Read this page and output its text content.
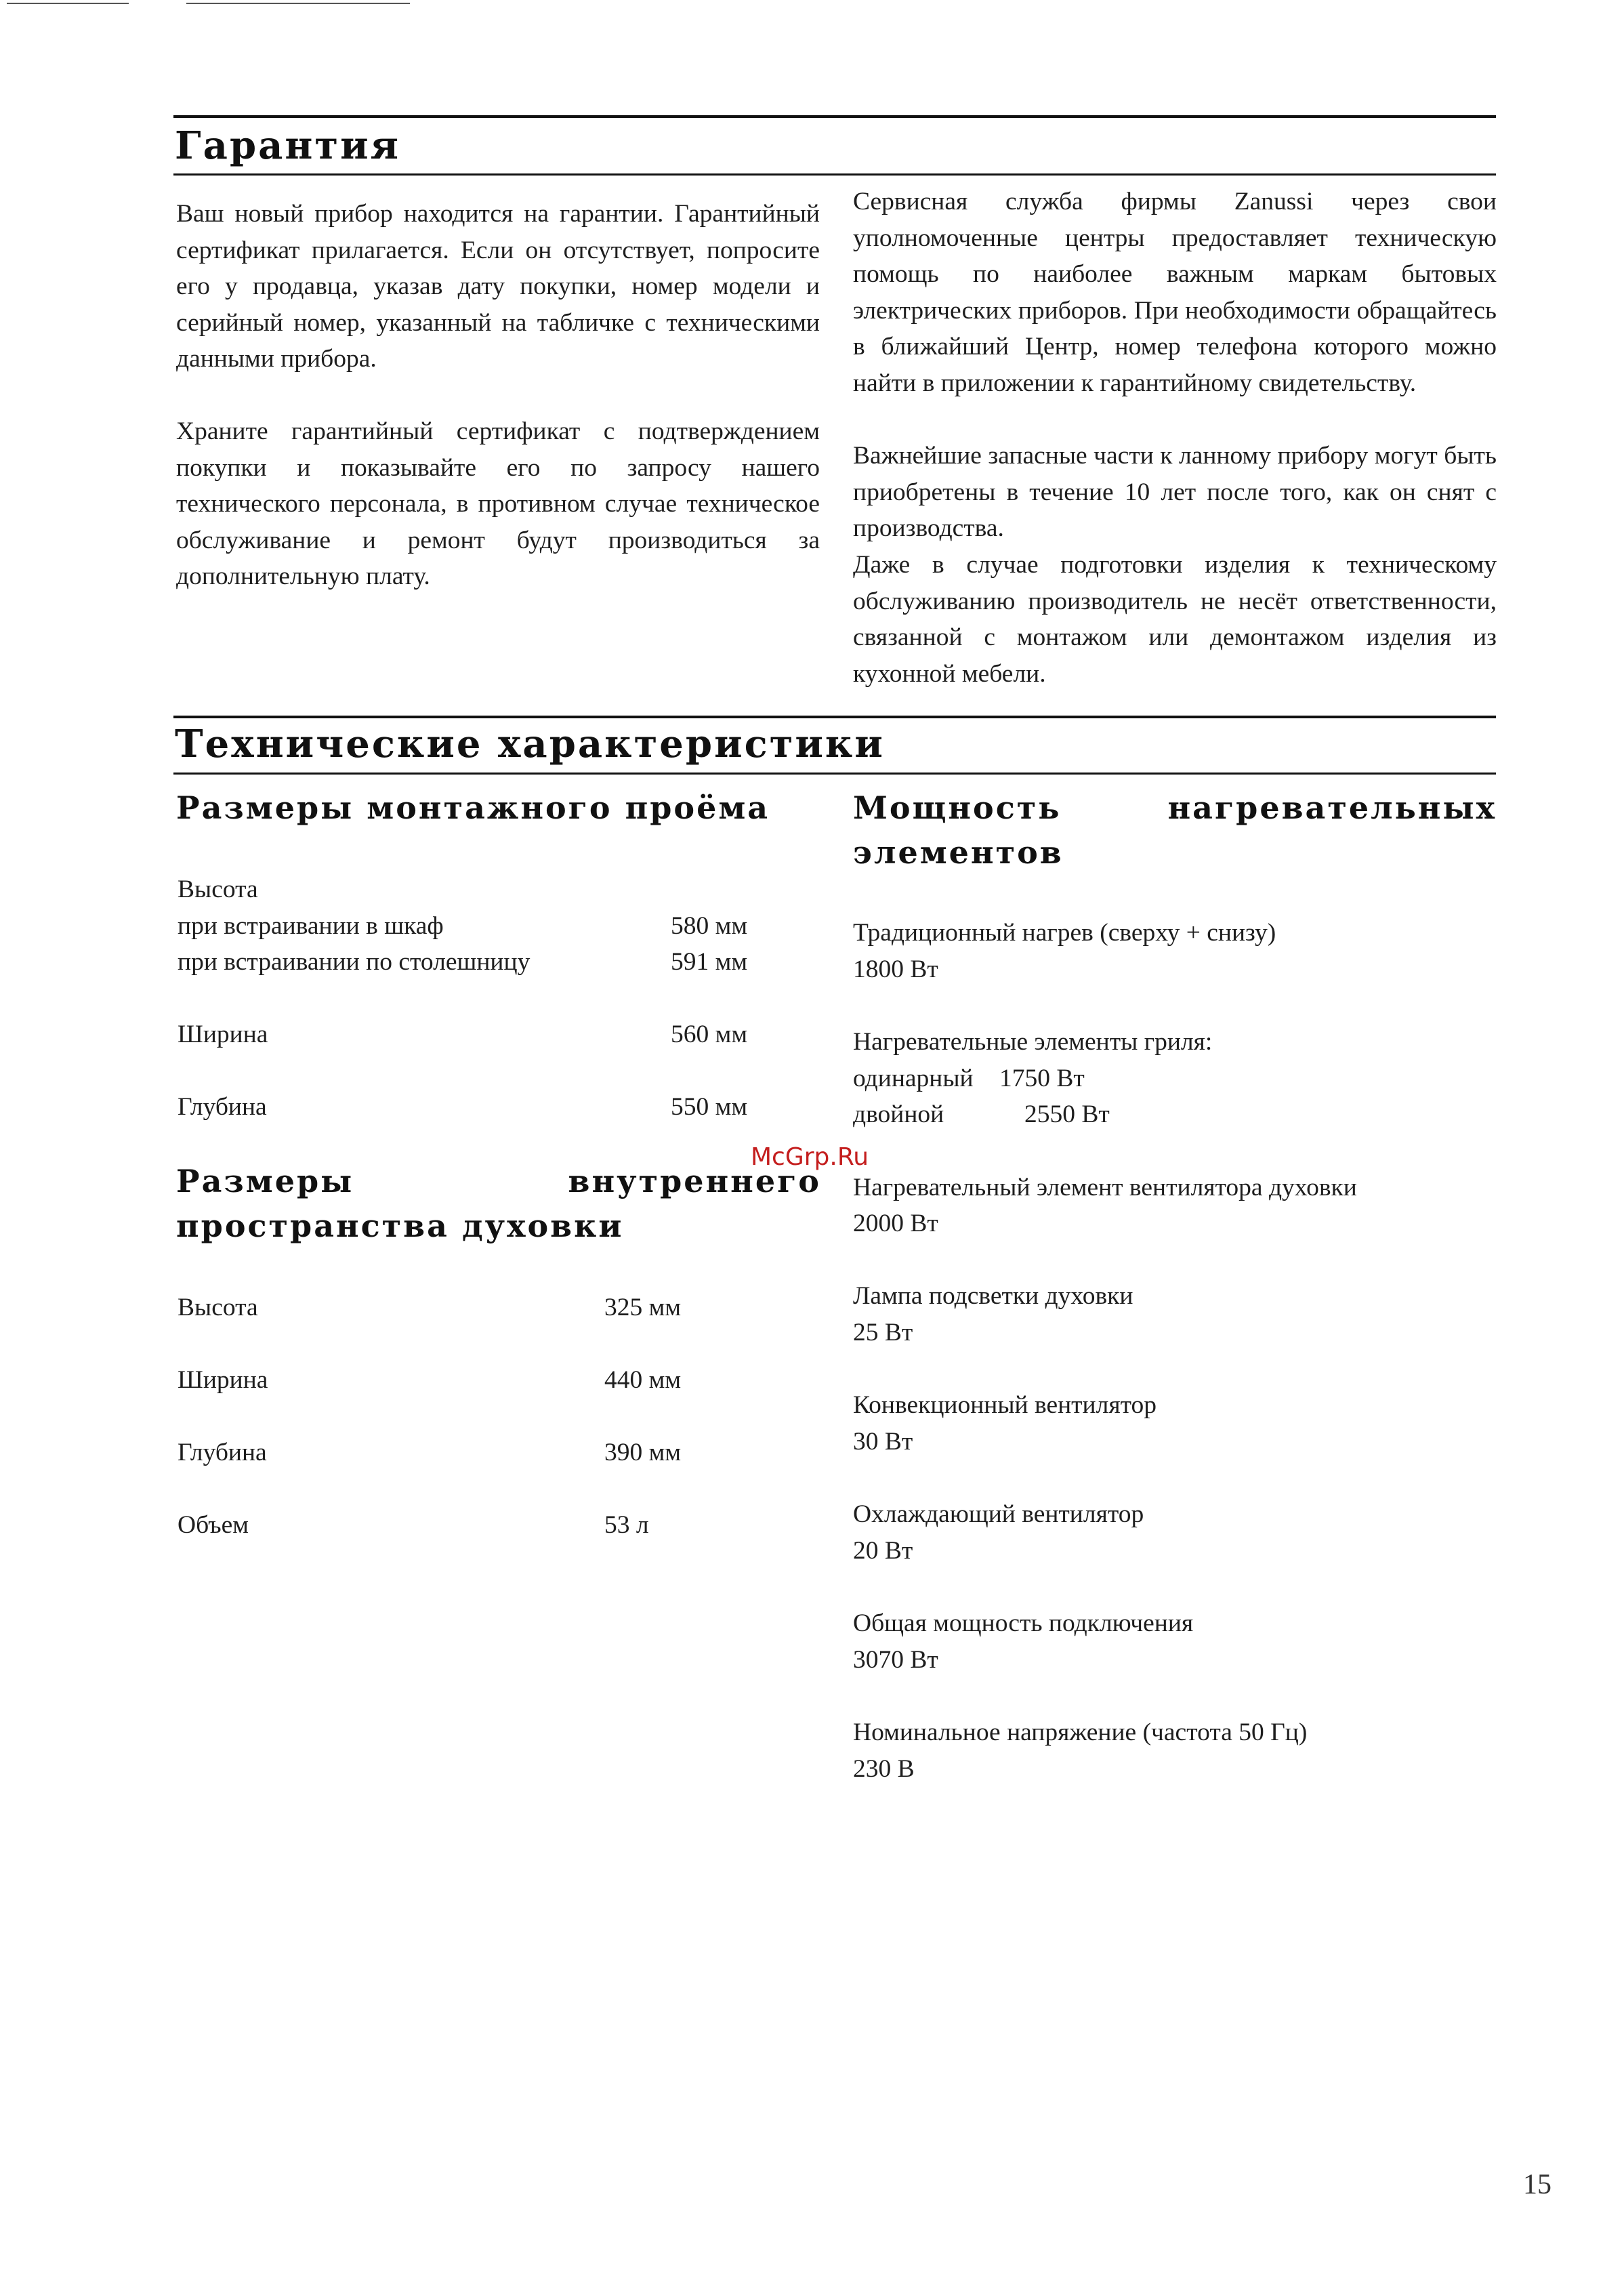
Гарантия

Ваш новый прибор находится на гарантии. Гарантийный сертификат прилагается. Если он отсутствует, попросите его у продавца, указав дату покупки, номер модели и серийный номер, указанный на табличке с техническими данными прибора.

Храните гарантийный сертификат с подтверждением покупки и показывайте его по запросу нашего технического персонала, в противном случае техническое обслуживание и ремонт будут производиться за дополнительную плату.

Сервисная служба фирмы Zanussi через свои уполномоченные центры предоставляет техническую помощь по наиболее важным маркам бытовых электрических приборов. При необходимости обращайтесь в ближайший Центр, номер телефона которого можно найти в приложении к гарантийному свидетельству.

Важнейшие запасные части к ланному прибору могут быть приобретены в течение 10 лет после того, как он снят с производства.

Даже в случае подготовки изделия к техническому обслуживанию производитель не несёт ответственности, связанной с монтажом или демонтажом изделия из кухонной мебели.

Технические характеристики
Размеры монтажного проёма
Высота
при встраивании в шкаф	580 мм
при встраивании по столешницу	591 мм
Ширина	560 мм
Глубина	550 мм
Размеры внутреннего
пространства духовки
Высота	325 мм
Ширина	440 мм
Глубина	390 мм
Объем	53 л
Мощность нагревательных
элементов
Традиционный нагрев (сверху + снизу)
1800 Вт
Нагревательные элементы гриля:
одинарный 1750 Вт
двойной	2550 Вт
Нагревательный элемент вентилятора духовки
2000 Вт
Лампа подсветки духовки
25 Вт
Конвекционный вентилятор
30 Вт
Охлаждающий вентилятор
20 Вт
Общая мощность подключения
3070 Вт
Номинальное напряжение (частота 50 Гц)
230 В
McGrp.Ru
15
